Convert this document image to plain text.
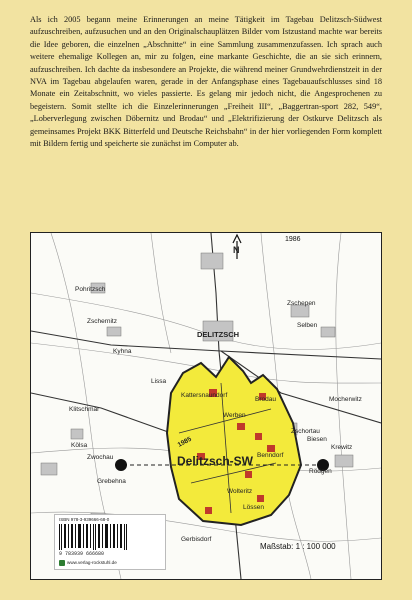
Als ich 2005 begann meine Erinnerungen an meine Tätigkeit im Tagebau Delitzsch-Südwest aufzuschreiben, aufzusuchen und an den Originalschauplätzen Bilder vom Istzustand machte war bereits die Idee geboren, die einzelnen „Abschnitte“ in eine Sammlung zusammenzufassen. Ich sprach auch weitere ehemalige Kollegen an, mir zu folgen, eine markante Geschichte, die an sie sich erinnern, aufzuschreiben. Ich dachte da insbesondere an Projekte, die während meiner Grundwehrdienstzeit in der NVA im Tagebau abgelaufen waren, gerade in der Anfangsphase eines Tagebauaufschlusses sind 18 Monate ein Zeitabschnitt, wo vieles passierte. Es gelang mir jedoch nicht, die Angesprochenen zu begeistern. Somit stellte ich die Einzelerinnerungen „Freiheit III“, „Baggertran-sport 282, 549“, „Loberverlegung zwischen Döbernitz und Brodau“ und „Elektrifizierung der Ostkurve Delitzsch als gemeinsames Projekt BKK Bitterfeld und Deutsche Reichsbahn“ in der hier vorliegenden Form komplett mit Bildern fertig und speicherte sie zunächst im Computer ab.

Pohritzsch
Zschernitz
Kyhna
DELITZSCH
Zschepen
Selben
Lissa
Klitschmar
Kattersnaundorf
Brodau
Werben
Mocherwitz
Zschortau
Biesen
Kölsa
Zwochau
Grebehna
Wolteritz
Lössen
Gerbisdorf
Benndorf
Krewitz
Rödgen
1985
Delitzsch-SW
N
1986
ISBN 978-3-939666-68-0
9 783939 666680
www.verlag-rockstuhl.de
Maßstab: 1 : 100 000
